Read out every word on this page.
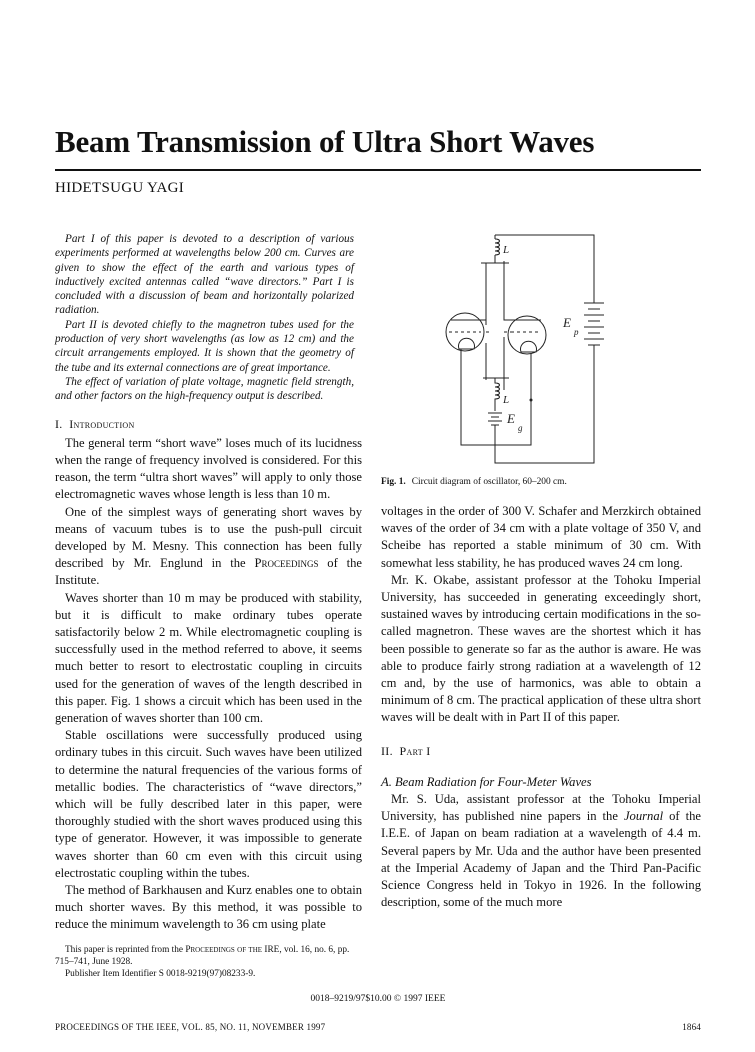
Beam Transmission of Ultra Short Waves
HIDETSUGU YAGI

Part I of this paper is devoted to a description of various experiments performed at wavelengths below 200 cm. Curves are given to show the effect of the earth and various types of inductively excited antennas called “wave directors.” Part I is concluded with a discussion of beam and horizontally polarized radiation.

Part II is devoted chiefly to the magnetron tubes used for the production of very short wavelengths (as low as 12 cm) and the circuit arrangements employed. It is shown that the geometry of the tube and its external connections are of great importance.

The effect of variation of plate voltage, magnetic field strength, and other factors on the high-frequency output is described.

I. Introduction

The general term “short wave” loses much of its lucidness when the range of frequency involved is considered. For this reason, the term “ultra short waves” will apply to only those electromagnetic waves whose length is less than 10 m.

One of the simplest ways of generating short waves by means of vacuum tubes is to use the push-pull circuit developed by M. Mesny. This connection has been fully described by Mr. Englund in the Proceedings of the Institute.

Waves shorter than 10 m may be produced with stability, but it is difficult to make ordinary tubes operate satisfactorily below 2 m. While electromagnetic coupling is successfully used in the method referred to above, it seems much better to resort to electrostatic coupling in circuits used for the generation of waves of the length described in this paper. Fig. 1 shows a circuit which has been used in the generation of waves shorter than 100 cm.

Stable oscillations were successfully produced using ordinary tubes in this circuit. Such waves have been utilized to determine the natural frequencies of the various forms of metallic bodies. The characteristics of “wave directors,” which will be fully described later in this paper, were thoroughly studied with the short waves produced using this type of generator. However, it was impossible to generate waves shorter than 60 cm even with this circuit using electrostatic coupling within the tubes.

The method of Barkhausen and Kurz enables one to obtain much shorter waves. By this method, it was possible to reduce the minimum wavelength to 36 cm using plate

This paper is reprinted from the Proceedings of the IRE, vol. 16, no. 6, pp. 715–741, June 1928.

Publisher Item Identifier S 0018-9219(97)08233-9.

L
L
E
p
E
g
Fig. 1. Circuit diagram of oscillator, 60–200 cm.

voltages in the order of 300 V. Schafer and Merzkirch obtained waves of the order of 34 cm with a plate voltage of 350 V, and Scheibe has reported a stable minimum of 30 cm. With somewhat less stability, he has produced waves 24 cm long.

Mr. K. Okabe, assistant professor at the Tohoku Imperial University, has succeeded in generating exceedingly short, sustained waves by introducing certain modifications in the so-called magnetron. These waves are the shortest which it has been possible to generate so far as the author is aware. He was able to produce fairly strong radiation at a wavelength of 12 cm and, by the use of harmonics, was able to obtain a minimum of 8 cm. The practical application of these ultra short waves will be dealt with in Part II of this paper.

II. Part I
A. Beam Radiation for Four-Meter Waves

Mr. S. Uda, assistant professor at the Tohoku Imperial University, has published nine papers in the Journal of the I.E.E. of Japan on beam radiation at a wavelength of 4.4 m. Several papers by Mr. Uda and the author have been presented at the Imperial Academy of Japan and the Third Pan-Pacific Science Congress held in Tokyo in 1926. In the following description, some of the much more

0018–9219/97$10.00 © 1997 IEEE
PROCEEDINGS OF THE IEEE, VOL. 85, NO. 11, NOVEMBER 1997	1864
